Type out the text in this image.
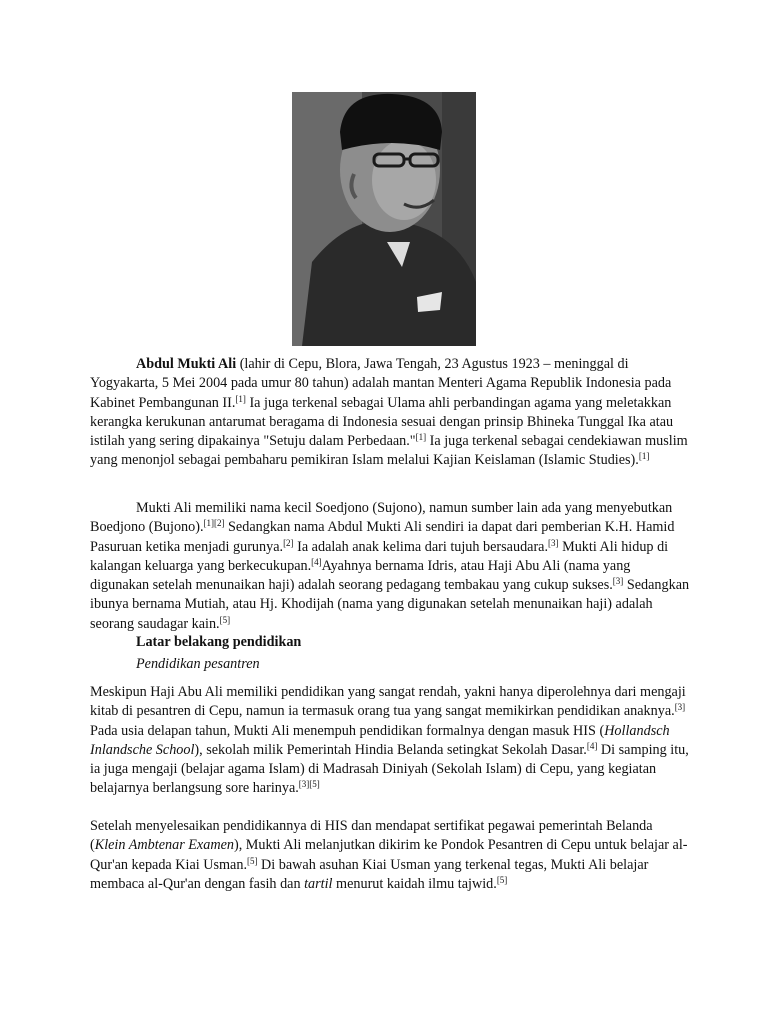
Abdul Mukti Ali (lahir di Cepu, Blora, Jawa Tengah, 23 Agustus 1923 – meninggal di Yogyakarta, 5 Mei 2004 pada umur 80 tahun) adalah mantan Menteri Agama Republik Indonesia pada Kabinet Pembangunan II.[1] Ia juga terkenal sebagai Ulama ahli perbandingan agama yang meletakkan kerangka kerukunan antarumat beragama di Indonesia sesuai dengan prinsip Bhineka Tunggal Ika atau istilah yang sering dipakainya "Setuju dalam Perbedaan."[1] Ia juga terkenal sebagai cendekiawan muslim yang menonjol sebagai pembaharu pemikiran Islam melalui Kajian Keislaman (Islamic Studies).[1]

Mukti Ali memiliki nama kecil Soedjono (Sujono), namun sumber lain ada yang menyebutkan Boedjono (Bujono).[1][2] Sedangkan nama Abdul Mukti Ali sendiri ia dapat dari pemberian K.H. Hamid Pasuruan ketika menjadi gurunya.[2] Ia adalah anak kelima dari tujuh bersaudara.[3] Mukti Ali hidup di kalangan keluarga yang berkecukupan.[4]Ayahnya bernama Idris, atau Haji Abu Ali (nama yang digunakan setelah menunaikan haji) adalah seorang pedagang tembakau yang cukup sukses.[3] Sedangkan ibunya bernama Mutiah, atau Hj. Khodijah (nama yang digunakan setelah menunaikan haji) adalah seorang saudagar kain.[5]

Latar belakang pendidikan

Pendidikan pesantren

Meskipun Haji Abu Ali memiliki pendidikan yang sangat rendah, yakni hanya diperolehnya dari mengaji kitab di pesantren di Cepu, namun ia termasuk orang tua yang sangat memikirkan pendidikan anaknya.[3] Pada usia delapan tahun, Mukti Ali menempuh pendidikan formalnya dengan masuk HIS (Hollandsch Inlandsche School), sekolah milik Pemerintah Hindia Belanda setingkat Sekolah Dasar.[4] Di samping itu, ia juga mengaji (belajar agama Islam) di Madrasah Diniyah (Sekolah Islam) di Cepu, yang kegiatan belajarnya berlangsung sore harinya.[3][5]

Setelah menyelesaikan pendidikannya di HIS dan mendapat sertifikat pegawai pemerintah Belanda (Klein Ambtenar Examen), Mukti Ali melanjutkan dikirim ke Pondok Pesantren di Cepu untuk belajar al-Qur'an kepada Kiai Usman.[5] Di bawah asuhan Kiai Usman yang terkenal tegas, Mukti Ali belajar membaca al-Qur'an dengan fasih dan tartil menurut kaidah ilmu tajwid.[5]
